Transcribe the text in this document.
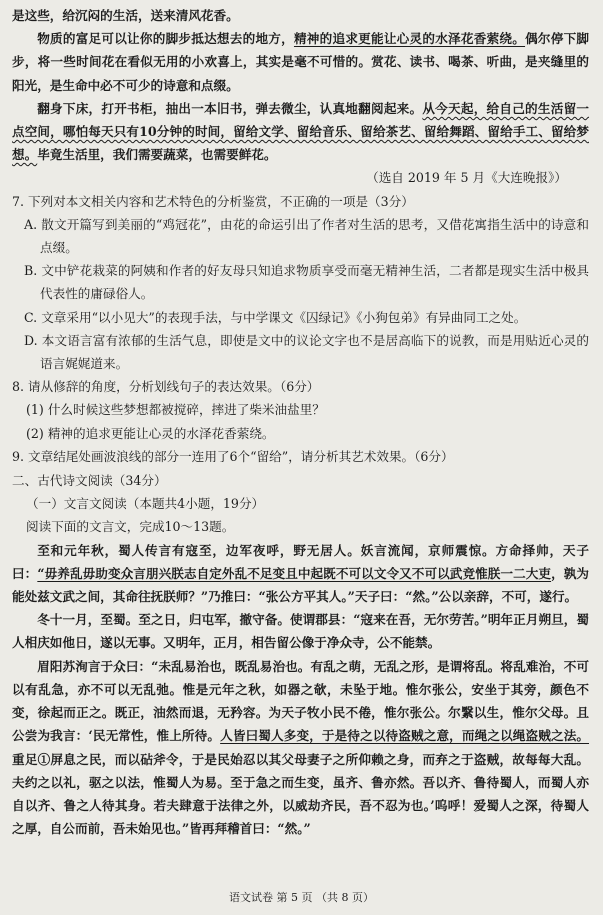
是这些，给沉闷的生活，送来清风花香。

物质的富足可以让你的脚步抵达想去的地方，精神的追求更能让心灵的水泽花香萦绕。偶尔停下脚步，将一些时间花在看似无用的小欢喜上，其实是毫不可惜的。赏花、读书、喝茶、听曲，是夹缝里的阳光，是生命中必不可少的诗意和点缀。

翻身下床，打开书柜，抽出一本旧书，弹去微尘，认真地翻阅起来。从今天起，给自己的生活留一点空间，哪怕每天只有10分钟的时间，留给文学、留给音乐、留给茶艺、留给舞蹈、留给手工、留给梦想。毕竟生活里，我们需要蔬菜，也需要鲜花。

（选自 2019 年 5 月《大连晚报》）

7. 下列对本文相关内容和艺术特色的分析鉴赏，不正确的一项是（3分）

A. 散文开篇写到美丽的“鸡冠花”，由花的命运引出了作者对生活的思考，又借花寓指生活中的诗意和点缀。

B. 文中铲花栽菜的阿姨和作者的好友母只知追求物质享受而毫无精神生活，二者都是现实生活中极具代表性的庸碌俗人。

C. 文章采用“以小见大”的表现手法，与中学课文《囚绿记》《小狗包弟》有异曲同工之处。

D. 本文语言富有浓郁的生活气息，即使是文中的议论文字也不是居高临下的说教，而是用贴近心灵的语言娓娓道来。

8. 请从修辞的角度，分析划线句子的表达效果。（6分）

(1) 什么时候这些梦想都被搅碎，摔进了柴米油盐里？

(2) 精神的追求更能让心灵的水泽花香萦绕。

9. 文章结尾处画波浪线的部分一连用了6个“留给”，请分析其艺术效果。（6分）

二、古代诗文阅读（34分）

（一）文言文阅读（本题共4小题，19分）

阅读下面的文言文，完成10～13题。

至和元年秋，蜀人传言有寇至，边军夜呼，野无居人。妖言流闻，京师震惊。方命择帅，天子曰：“毋养乱毋助变众言朋兴朕志自定外乱不足变且中起既不可以文令又不可以武竞惟朕一二大吏，孰为能处兹文武之间，其命往抚朕师？”乃推曰：“张公方平其人。”天子曰：“然。”公以亲辞，不可，遂行。

冬十一月，至蜀。至之日，归屯军，撤守备。使谓郡县：“寇来在吾，无尔劳苦。”明年正月朔旦，蜀人相庆如他日，遂以无事。又明年，正月，相告留公像于净众寺，公不能禁。

眉阳苏洵言于众曰：“未乱易治也，既乱易治也。有乱之萌，无乱之形，是谓将乱。将乱难治，不可以有乱急，亦不可以无乱弛。惟是元年之秋，如器之欹，未坠于地。惟尔张公，安坐于其旁，颜色不变，徐起而正之。既正，油然而退，无矜容。为天子牧小民不倦，惟尔张公。尔繄以生，惟尔父母。且公尝为我言：‘民无常性，惟上所待。人皆曰蜀人多变，于是待之以待盗贼之意，而绳之以绳盗贼之法。重足①屏息之民，而以砧斧令，于是民始忍以其父母妻子之所仰赖之身，而弃之于盗贼，故每每大乱。夫约之以礼，驱之以法，惟蜀人为易。至于急之而生变，虽齐、鲁亦然。吾以齐、鲁待蜀人，而蜀人亦自以齐、鲁之人待其身。若夫肆意于法律之外，以威劫齐民，吾不忍为也。’呜呼！爱蜀人之深，待蜀人之厚，自公而前，吾未始见也。”皆再拜稽首曰：“然。”

语文试卷 第 5 页 （共 8 页）
